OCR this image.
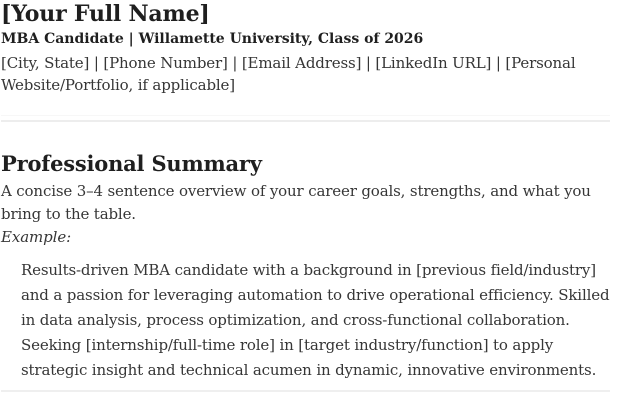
[Your Full Name]

MBA Candidate | Willamette University, Class of 2026

[City, State] | [Phone Number] | [Email Address] | [LinkedIn URL] | [Personal Website/Portfolio, if applicable]

Professional Summary

A concise 3–4 sentence overview of your career goals, strengths, and what you bring to the table.

Example:

Results-driven MBA candidate with a background in [previous field/industry] and a passion for leveraging automation to drive operational efficiency. Skilled in data analysis, process optimization, and cross-functional collaboration. Seeking [internship/full-time role] in [target industry/function] to apply strategic insight and technical acumen in dynamic, innovative environments.
